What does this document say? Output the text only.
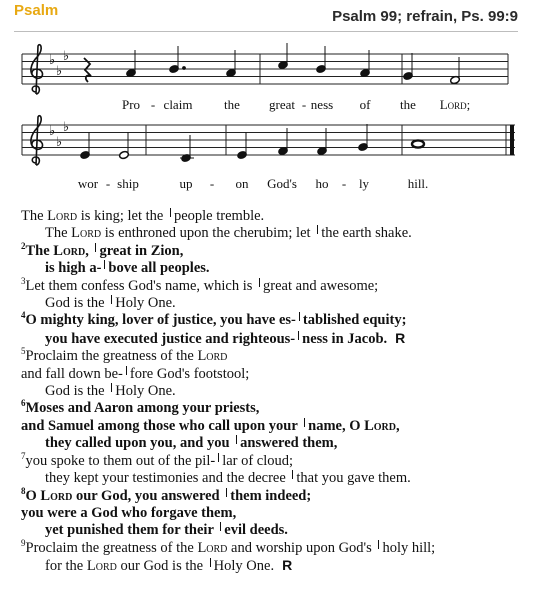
Psalm	Psalm 99; refrain, Ps. 99:9
♭
♭
♭
Pro - claim the great - ness of the Lord;
♭
♭
♭
wor - ship	up - on God's ho - ly	hill.
The Lord is king; let the people tremble.
The Lord is enthroned upon the cherubim; let the earth shake.
$^2$The Lord, great in Zion,
is high a- bove all peoples.
$^3$Let them confess God's name, which is great and awesome;
God is the Holy One.
$^4$O mighty king, lover of justice, you have es- tablished equity;
you have executed justice and righteous- ness in Jacob. R
$^5$Proclaim the greatness of the Lord
and fall down be- fore God's footstool;
God is the Holy One.
$^6$Moses and Aaron among your priests,
and Samuel among those who call upon your name, O Lord,
they called upon you, and you answered them,
$^7$you spoke to them out of the pil- lar of cloud;
they kept your testimonies and the decree that you gave them.
$^8$O Lord our God, you answered them indeed;
you were a God who forgave them,
yet punished them for their evil deeds.
$^9$Proclaim the greatness of the Lord and worship upon God's holy hill;
for the Lord our God is the Holy One. R
